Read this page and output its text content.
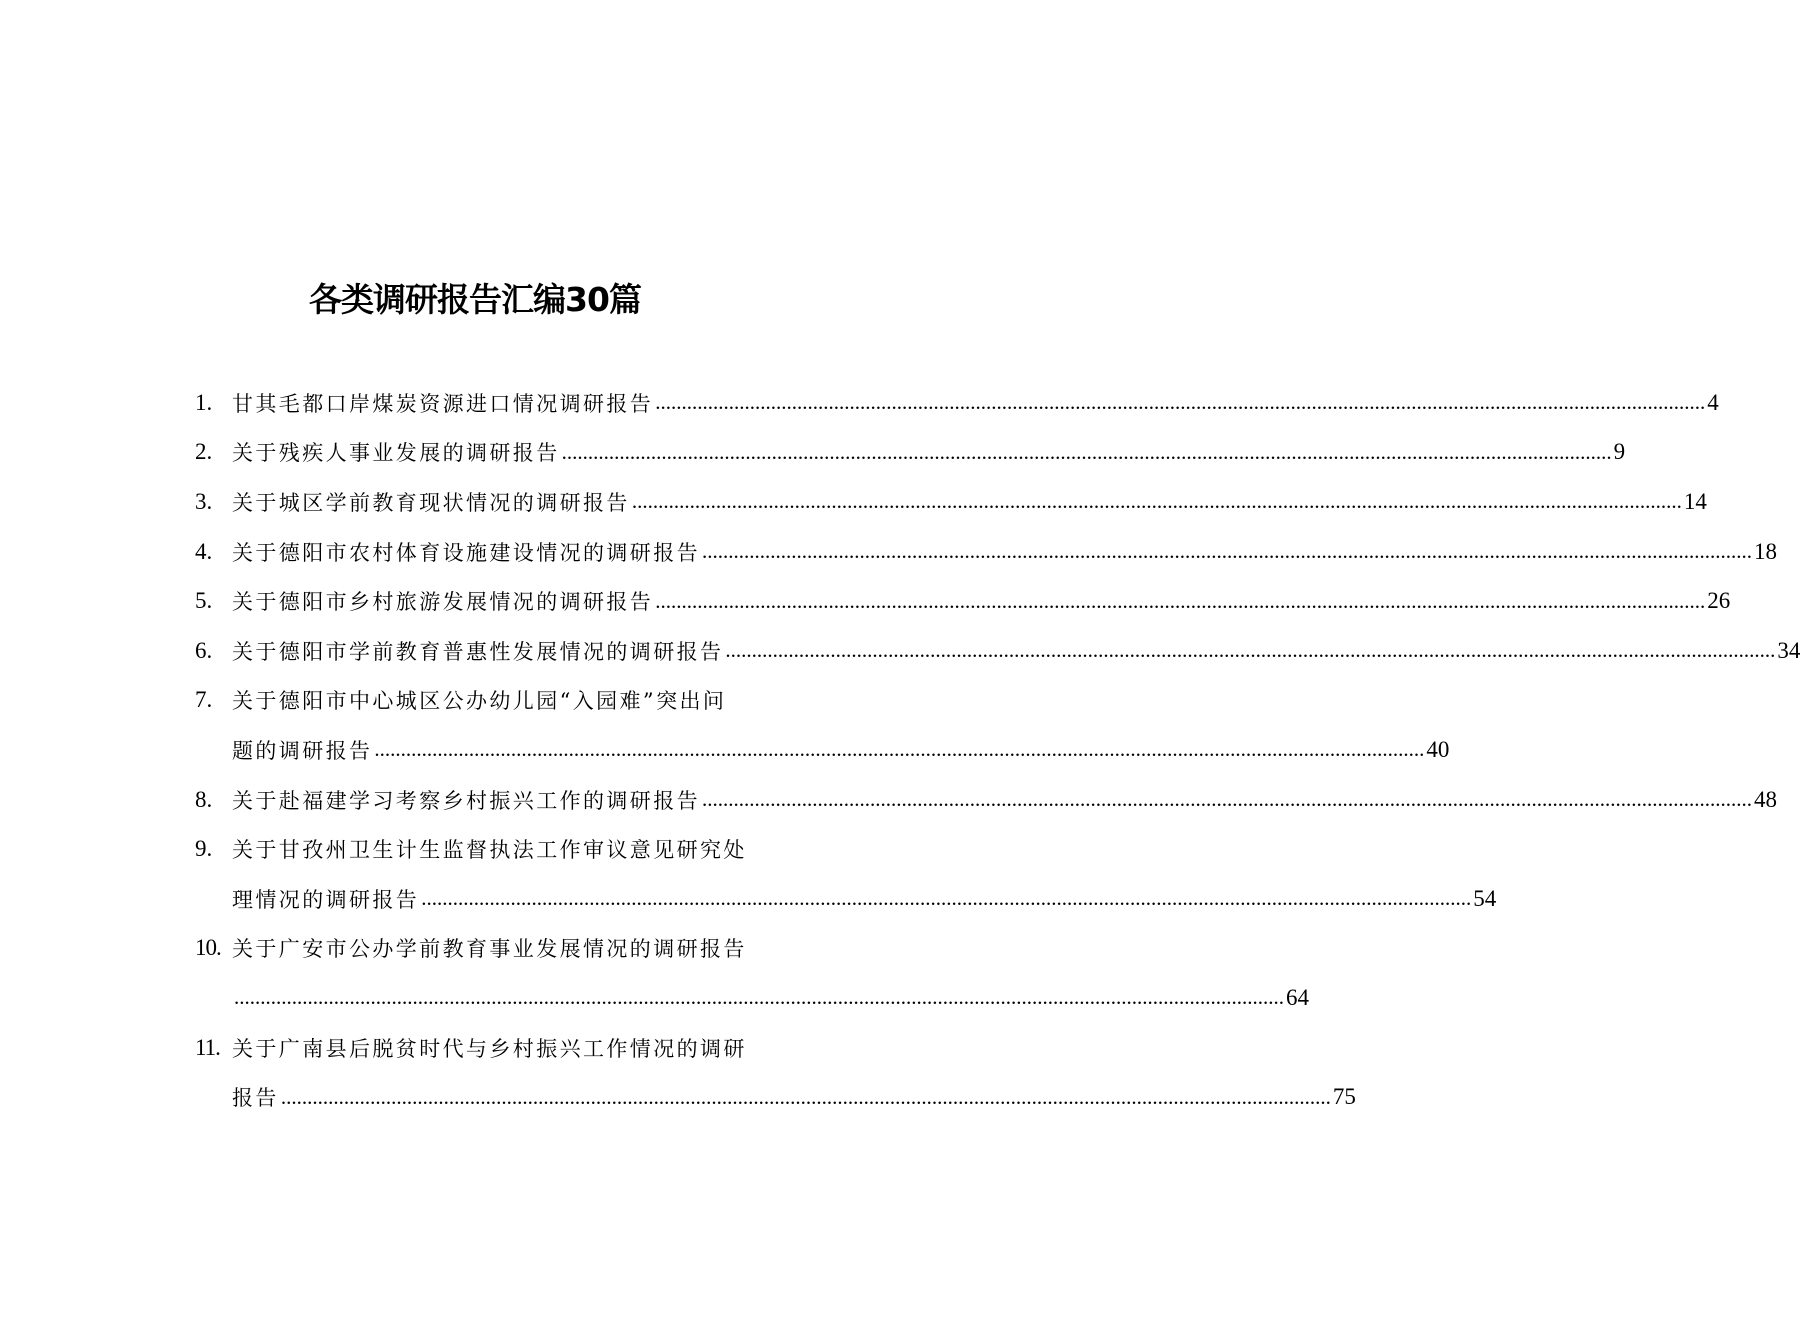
各类调研报告汇编30篇
1. 甘其毛都口岸煤炭资源进口情况调研报告 ........................................................................................................................................................................................................ 4
2. 关于残疾人事业发展的调研报告 ........................................................................................................................................................................................................ 9
3. 关于城区学前教育现状情况的调研报告 ........................................................................................................................................................................................................ 14
4. 关于德阳市农村体育设施建设情况的调研报告 ........................................................................................................................................................................................................ 18
5. 关于德阳市乡村旅游发展情况的调研报告 ........................................................................................................................................................................................................ 26
6. 关于德阳市学前教育普惠性发展情况的调研报告 ........................................................................................................................................................................................................ 34
7. 关于德阳市中心城区公办幼儿园“入园难”突出问
题的调研报告 ........................................................................................................................................................................................................ 40
8. 关于赴福建学习考察乡村振兴工作的调研报告 ........................................................................................................................................................................................................ 48
9. 关于甘孜州卫生计生监督执法工作审议意见研究处
理情况的调研报告 ........................................................................................................................................................................................................ 54
10. 关于广安市公办学前教育事业发展情况的调研报告
........................................................................................................................................................................................................ 64
11. 关于广南县后脱贫时代与乡村振兴工作情况的调研
报告 ........................................................................................................................................................................................................ 75
